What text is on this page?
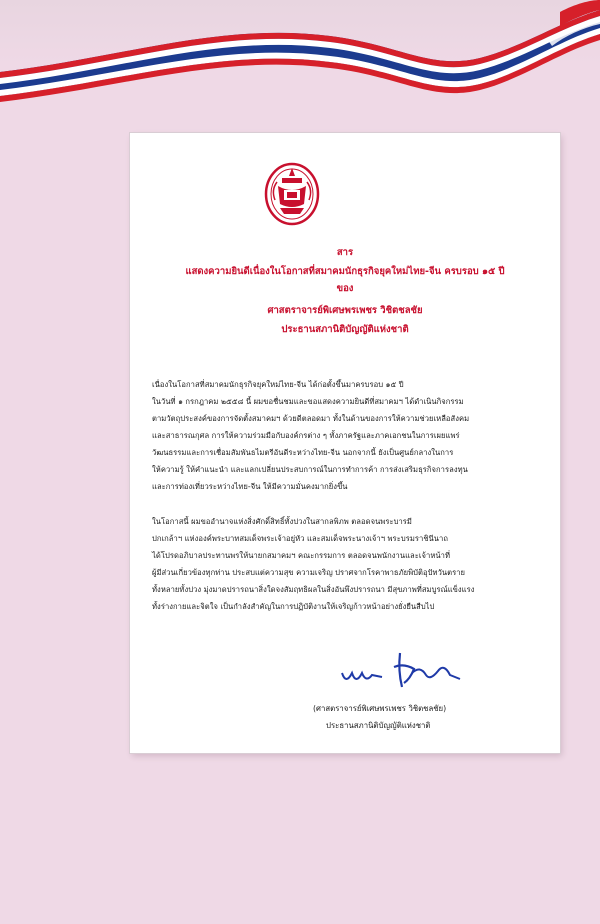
สาร
แสดงความยินดีเนื่องในโอกาสที่สมาคมนักธุรกิจยุคใหม่ไทย-จีน ครบรอบ ๑๕ ปี
ของ
ศาสตราจารย์พิเศษพรเพชร วิชิตชลชัย
ประธานสภานิติบัญญัติแห่งชาติ
เนื่องในโอกาสที่สมาคมนักธุรกิจยุคใหม่ไทย-จีน ได้ก่อตั้งขึ้นมาครบรอบ ๑๕ ปี
ในวันที่ ๑ กรกฎาคม ๒๕๕๘ นี้ ผมขอชื่นชมและขอแสดงความยินดีที่สมาคมฯ ได้ดำเนินกิจกรรม
ตามวัตถุประสงค์ของการจัดตั้งสมาคมฯ ด้วยดีตลอดมา ทั้งในด้านของการให้ความช่วยเหลือสังคม
และสาธารณกุศล การให้ความร่วมมือกับองค์กรต่าง ๆ ทั้งภาครัฐและภาคเอกชนในการเผยแพร่
วัฒนธรรมและการเชื่อมสัมพันธไมตรีอันดีระหว่างไทย-จีน นอกจากนี้ ยังเป็นศูนย์กลางในการ
ให้ความรู้ ให้คำแนะนำ และแลกเปลี่ยนประสบการณ์ในการทำการค้า การส่งเสริมธุรกิจการลงทุน
และการท่องเที่ยวระหว่างไทย-จีน ให้มีความมั่นคงมากยิ่งขึ้น
ในโอกาสนี้ ผมขออำนาจแห่งสิ่งศักดิ์สิทธิ์ทั้งปวงในสากลพิภพ ตลอดจนพระบารมี
ปกเกล้าฯ แห่งองค์พระบาทสมเด็จพระเจ้าอยู่หัว และสมเด็จพระนางเจ้าฯ พระบรมราชินีนาถ
ได้โปรดอภิบาลประทานพรให้นายกสมาคมฯ คณะกรรมการ ตลอดจนพนักงานและเจ้าหน้าที่
ผู้มีส่วนเกี่ยวข้องทุกท่าน ประสบแต่ความสุข ความเจริญ ปราศจากโรคาพาธภัยพิบัติอุปัทวันตราย
ทั้งหลายทั้งปวง มุ่งมาดปรารถนาสิ่งใดจงสัมฤทธิผลในสิ่งอันพึงปรารถนา มีสุขภาพที่สมบูรณ์แข็งแรง
ทั้งร่างกายและจิตใจ เป็นกำลังสำคัญในการปฏิบัติงานให้เจริญก้าวหน้าอย่างยั่งยืนสืบไป
(ศาสตราจารย์พิเศษพรเพชร วิชิตชลชัย)
ประธานสภานิติบัญญัติแห่งชาติ
